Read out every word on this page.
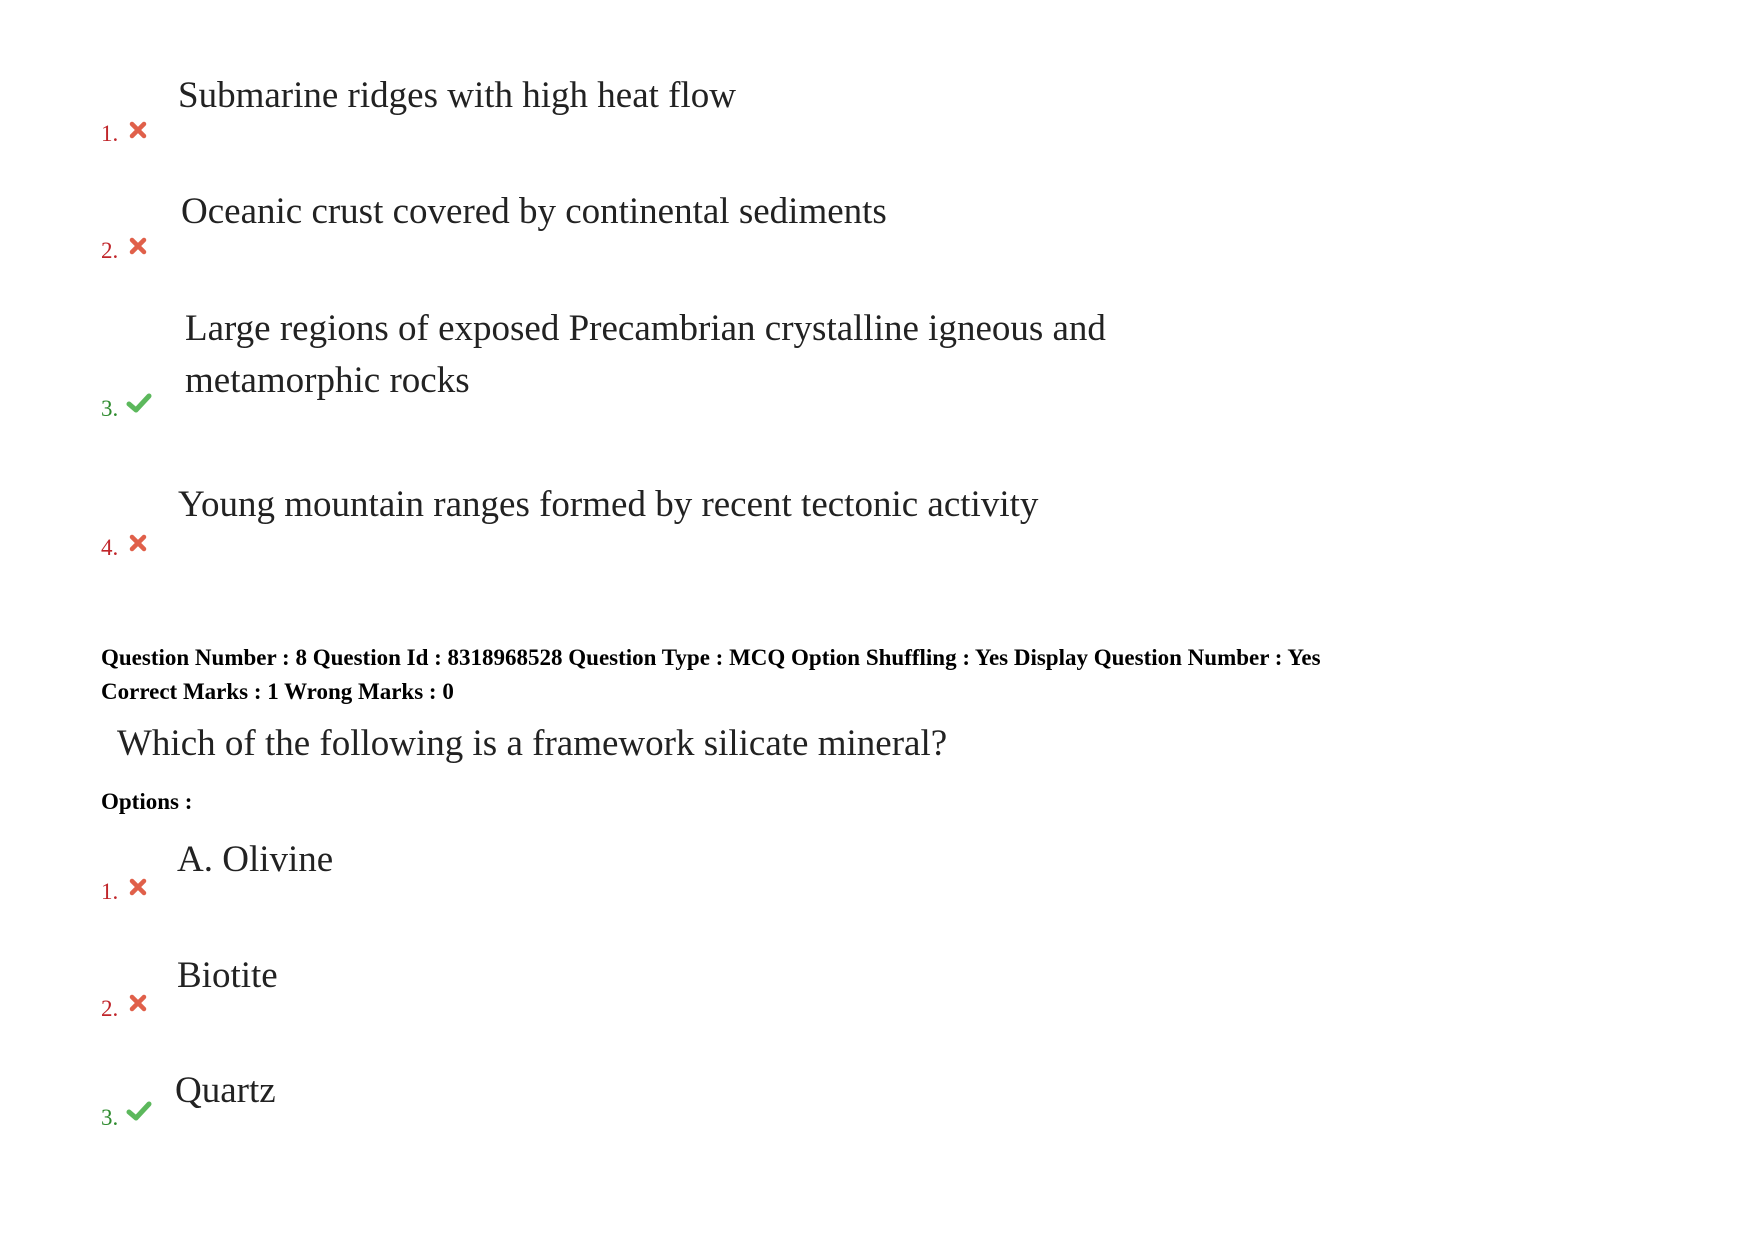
Submarine ridges with high heat flow
1.
Oceanic crust covered by continental sediments
2.
Large regions of exposed Precambrian crystalline igneous and
metamorphic rocks
3.
Young mountain ranges formed by recent tectonic activity
4.
Question Number : 8 Question Id : 8318968528 Question Type : MCQ Option Shuffling : Yes Display Question Number : Yes
Correct Marks : 1 Wrong Marks : 0
Which of the following is a framework silicate mineral?
Options :
A. Olivine
1.
Biotite
2.
Quartz
3.
